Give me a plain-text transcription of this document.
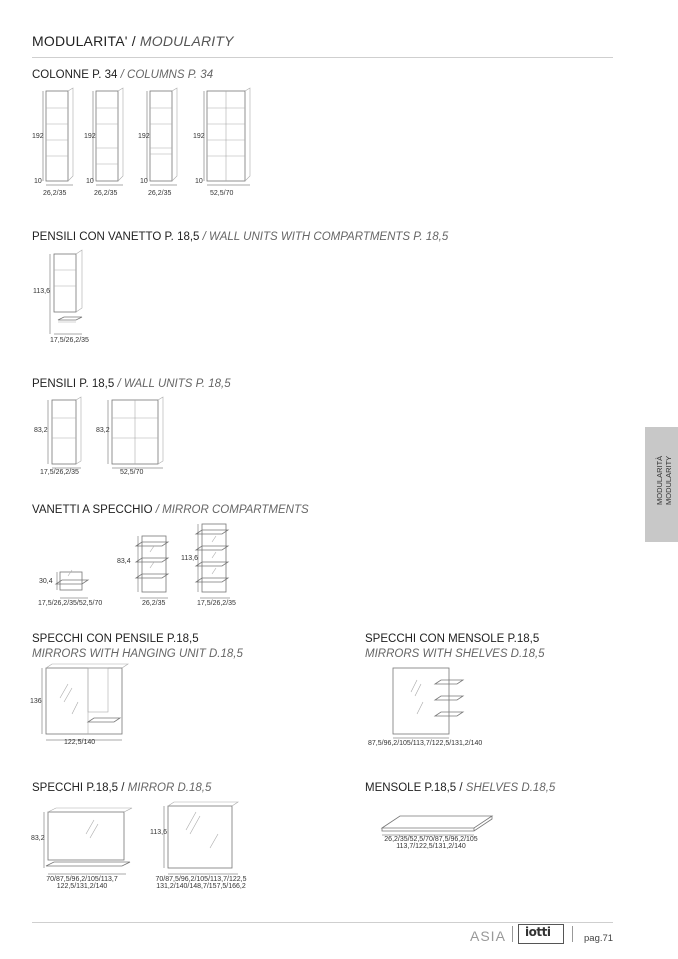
MODULARITA' / MODULARITY
MODULARITÀ
MODULARITY
COLONNE P. 34 / COLUMNS P. 34
192	192	192	192
10	10	10	10
26,2/35	26,2/35	26,2/35	52,5/70
PENSILI CON VANETTO P. 18,5 / WALL UNITS WITH COMPARTMENTS P. 18,5
113,6
17,5/26,2/35
PENSILI P. 18,5 / WALL UNITS P. 18,5
83,2	83,2
17,5/26,2/35	52,5/70
VANETTI A SPECCHIO / MIRROR COMPARTMENTS
30,4
83,4	113,6
17,5/26,2/35/52,5/70	26,2/35	17,5/26,2/35
SPECCHI CON PENSILE P.18,5
MIRRORS WITH HANGING UNIT D.18,5
136
122,5/140
SPECCHI CON MENSOLE P.18,5
MIRRORS WITH SHELVES D.18,5
87,5/96,2/105/113,7/122,5/131,2/140
SPECCHI P.18,5 / MIRROR D.18,5
83,2
113,6
70/87,5/96,2/105/113,7
122,5/131,2/140
70/87,5/96,2/105/113,7/122,5
131,2/140/148,7/157,5/166,2
MENSOLE P.18,5 / SHELVES D.18,5
26,2/35/52,5/70/87,5/96,2/105
113,7/122,5/131,2/140
ASIA iotti	pag.71
